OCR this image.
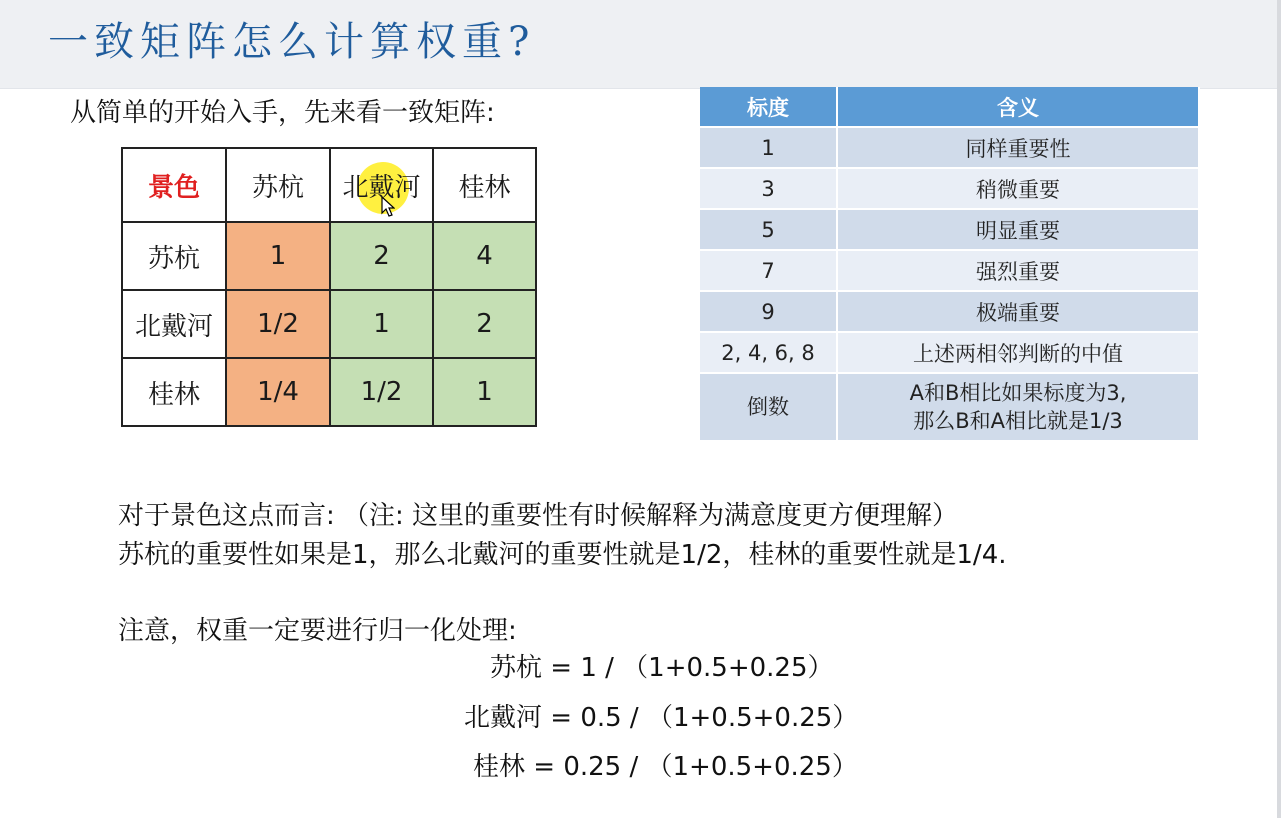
一致矩阵怎么计算权重?
从简单的开始入手，先来看一致矩阵:
景色	苏杭	北戴河	桂林
苏杭	1	2	4
北戴河	1/2	1	2
桂林	1/4	1/2	1
标度	含义
1	同样重要性
3	稍微重要
5	明显重要
7	强烈重要
9	极端重要
2, 4, 6, 8	上述两相邻判断的中值
倒数	A和B相比如果标度为3,
那么B和A相比就是1/3
对于景色这点而言: （注: 这里的重要性有时候解释为满意度更方便理解）
苏杭的重要性如果是1，那么北戴河的重要性就是1/2，桂林的重要性就是1/4.
注意，权重一定要进行归一化处理:
苏杭 = 1 / （1+0.5+0.25）
北戴河 = 0.5 / （1+0.5+0.25）
桂林 = 0.25 / （1+0.5+0.25）
